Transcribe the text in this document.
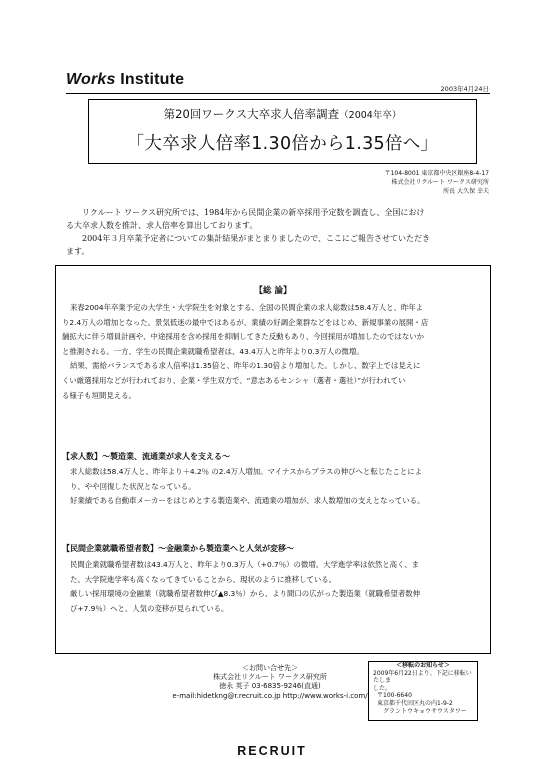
Works Institute
2003年4月24日
第20回ワークス大卒求人倍率調査（2004年卒）
「大卒求人倍率1.30倍から1.35倍へ」
〒104-8001 東京都中央区銀座8-4-17
株式会社リクルート ワークス研究所
所長 大久保 幸夫
リクルート ワークス研究所では、1984年から民間企業の新卒採用予定数を調査し、全国におけ
る大卒求人数を推計、求人倍率を算出しております。
2004年３月卒業予定者についての集計結果がまとまりましたので、ここにご報告させていただき
ます。
【総 論】
来春2004年卒業予定の大学生・大学院生を対象とする、全国の民間企業の求人総数は58.4万人と、昨年よ
り2.4万人の増加となった。景気低迷の最中ではあるが、業績の好調企業群などをはじめ、新規事業の展開・店
舗拡大に伴う増員計画や、中途採用を含め採用を抑制してきた反動もあり、今回採用が増加したのではないか
と推測される。一方、学生の民間企業就職希望者は、43.4万人と昨年より0.3万人の微増。
結果、需給バランスである求人倍率は1.35倍と、昨年の1.30倍より増加した。しかし、数字上では見えに
くい厳選採用などが行われており、企業・学生双方で、“意志あるセンシャ（選者・選社）”が行われてい
る様子も垣間見える。
【求人数】～製造業、流通業が求人を支える～
求人総数は58.4万人と、昨年より＋4.2％ の2.4万人増加。マイナスからプラスの伸びへと転じたことによ
り、やや回復した状況となっている。
好業績である自動車メーカーをはじめとする製造業や、流通業の増加が、求人数増加の支えとなっている。
【民間企業就職希望者数】～金融業から製造業へと人気が変移～
民間企業就職希望者数は43.4万人と、昨年より0.3万人（+0.7％）の微増。大学進学率は依然と高く、ま
た、大学院進学率も高くなってきていることから、現状のように推移している。
厳しい採用環境の金融業（就職希望者数伸び▲8.3％）から、より間口の広がった製造業（就職希望者数伸
び+7.9％）へと、人気の変移が見られている。
＜お問い合せ先＞
株式会社リクルート ワークス研究所
徳永 英子 03-6835-9246(直通)
e-mail:hidetkng@r.recruit.co.jp http://www.works-i.com/
RECRUIT
＜移転のお知らせ＞
2009年6月22日より、下記に移転いたしま
した。
〒100-6640
東京都千代田区丸の内1-9-2
グラントウキョウサウスタワー
